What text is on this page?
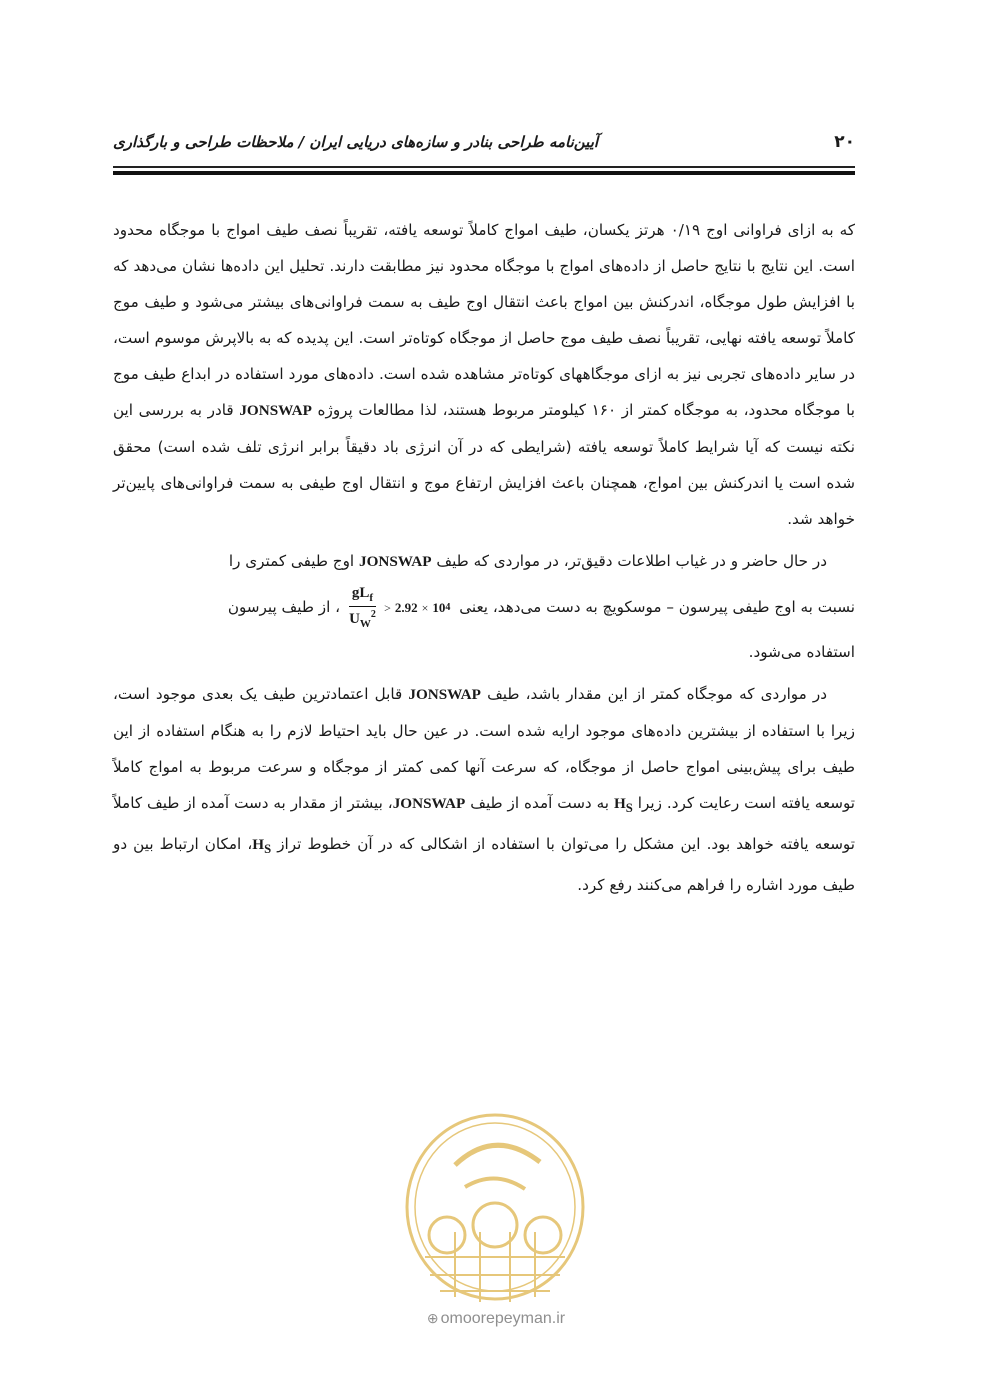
۲۰
آیین‌نامه طراحی بنادر و سازه‌های دریایی ایران / ملاحظات طراحی و بارگذاری

که به ازای فراوانی اوج ۰/۱۹ هرتز یکسان، طیف امواج کاملاً توسعه یافته، تقریباً نصف طیف امواج با موجگاه محدود است. این نتایج با نتایج حاصل از داده‌های امواج با موجگاه محدود نیز مطابقت دارند. تحلیل این داده‌ها نشان می‌دهد که با افزایش طول موجگاه، اندرکنش بین امواج باعث انتقال اوج طیف به سمت فراوانی‌های بیشتر می‌شود و طیف موج کاملاً توسعه یافته نهایی، تقریباً نصف طیف موج حاصل از موجگاه کوتاه‌تر است. این پدیده که به بالاپرش موسوم است، در سایر داده‌های تجربی نیز به ازای موجگاههای کوتاه‌تر مشاهده شده است. داده‌های مورد استفاده در ابداع طیف موج با موجگاه محدود، به موجگاه کمتر از ۱۶۰ کیلومتر مربوط هستند، لذا مطالعات پروژه JONSWAP قادر به بررسی این نکته نیست که آیا شرایط کاملاً توسعه یافته (شرایطی که در آن انرژی باد دقیقاً برابر انرژی تلف شده است) محقق شده است یا اندرکنش بین امواج، همچنان باعث افزایش ارتفاع موج و انتقال اوج طیفی به سمت فراوانی‌های پایین‌تر خواهد شد.

در حال حاضر و در غیاب اطلاعات دقیق‌تر، در مواردی که طیف JONSWAP اوج طیفی کمتری را

نسبت به اوج طیفی پیرسون – موسکویچ به دست می‌دهد، یعنی
$\frac{gL_f}{U_W^2} > 2.92 \times 10$ 4
، از طیف پیرسون

استفاده می‌شود.

در مواردی که موجگاه کمتر از این مقدار باشد، طیف JONSWAP قابل اعتمادترین طیف یک بعدی موجود است، زیرا با استفاده از بیشترین داده‌های موجود ارایه شده است. در عین حال باید احتیاط لازم را به هنگام استفاده از این طیف برای پیش‌بینی امواج حاصل از موجگاه، که سرعت آنها کمی کمتر از موجگاه و سرعت مربوط به امواج کاملاً توسعه یافته است رعایت کرد. زیرا $H_S$ به دست آمده از طیف JONSWAP، بیشتر از مقدار به دست آمده از طیف کاملاً توسعه یافته خواهد بود. این مشکل را می‌توان با استفاده از اشکالی که در آن خطوط تراز $H_S،$ امکان ارتباط بین دو طیف مورد اشاره را فراهم می‌کنند رفع کرد.

⊕ omoorepeyman.ir
